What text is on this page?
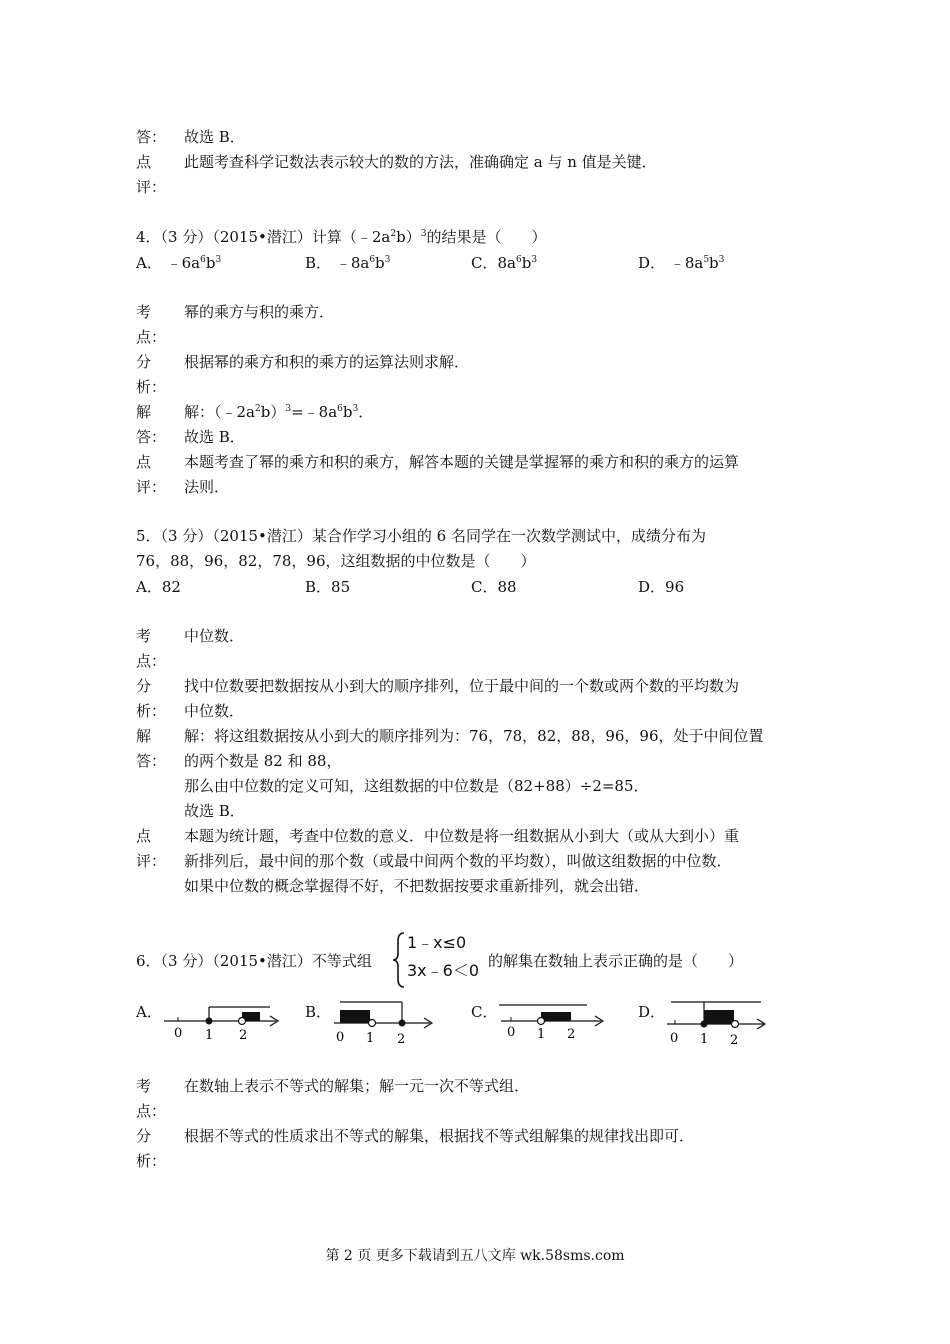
答： 故选 B．
点 此题考查科学记数法表示较大的数的方法，准确确定 a 与 n 值是关键．
评：
4．（3 分）（2015•潜江）计算$(﹣2a^2b)^3$的结果是（　　）
A． $﹣6a^6b^3$	B． $﹣8a^6b^3$	C．$8a^6b^3$	D． $﹣8a^5b^3$
考 幂的乘方与积的乘方．
点：
分 根据幂的乘方和积的乘方的运算法则求解．
析：
解 解：$(﹣2a^2b)^3=﹣8a^6b^3$．
答： 故选 B．
点 本题考查了幂的乘方和积的乘方，解答本题的关键是掌握幂的乘方和积的乘方的运算
评： 法则．
5．（3 分）（2015•潜江）某合作学习小组的 6 名同学在一次数学测试中，成绩分布为
76，88，96，82，78，96，这组数据的中位数是（　　）
A．82	B．85	C．88	D．96
考 中位数．
点：
分 找中位数要把数据按从小到大的顺序排列，位于最中间的一个数或两个数的平均数为
析： 中位数．
解 解：将这组数据按从小到大的顺序排列为：76，78，82，88，96，96，处于中间位置
答： 的两个数是 82 和 88，
那么由中位数的定义可知，这组数据的中位数是（82+88）÷2=85．
故选 B．
点 本题为统计题，考查中位数的意义．中位数是将一组数据从小到大（或从大到小）重
评： 新排列后，最中间的那个数（或最中间两个数的平均数），叫做这组数据的中位数．
如果中位数的概念掌握得不好，不把数据按要求重新排列，就会出错．
6．（3 分）（2015•潜江）不等式组
1﹣x≤0
3x﹣6＜0 的解集在数轴上表示正确的是（　　）
A．	B．	C．	D．
0 1 2	0 1 2	0 1 2	0 1 2
考 在数轴上表示不等式的解集；解一元一次不等式组．
点：
分 根据不等式的性质求出不等式的解集，根据找不等式组解集的规律找出即可．
析：
第 2 页 更多下载请到五八文库 wk.58sms.com
